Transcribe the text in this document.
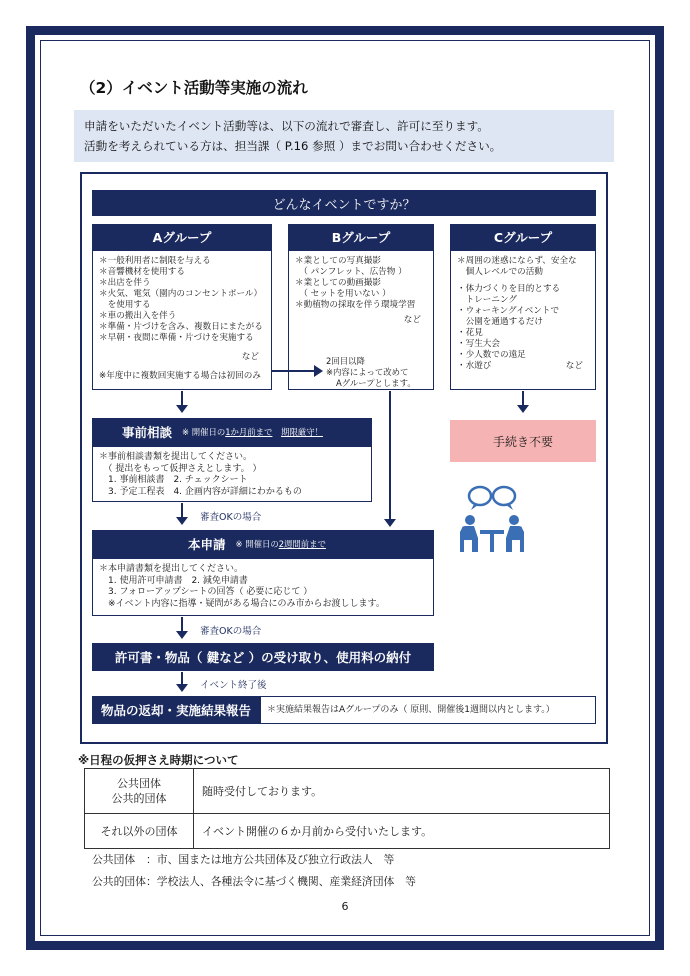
（2）イベント活動等実施の流れ
申請をいただいたイベント活動等は、以下の流れで審査し、許可に至ります。
活動を考えられている方は、担当課（ P.16 参照 ）までお問い合わせください。
どんなイベントですか？
Aグループ
＊一般利用者に制限を与える
＊音響機材を使用する
＊出店を伴う
＊火気、電気（園内のコンセントポール）
　を使用する
＊車の搬出入を伴う
＊準備・片づけを含み、複数日にまたがる
＊早朝・夜間に準備・片づけを実施する
など
※年度中に複数回実施する場合は初回のみ
Bグループ
＊業としての写真撮影
　（ パンフレット、広告物 ）
＊業としての動画撮影
　（ セットを用いない ）
＊動植物の採取を伴う環境学習
など
2回目以降
※内容によって改めて
Aグループとします。
Cグループ
＊周囲の迷惑にならず、安全な
　個人レベルでの活動
・体力づくりを目的とする
　トレーニング
・ウォーキングイベントで
　公園を通過するだけ
・花見
・写生大会
・少人数での遠足
・水遊び	など
手続き不要
事前相談 ※ 開催日の1か月前まで 期限厳守！
＊事前相談書類を提出してください。
　（ 提出をもって仮押さえとします。 ）
　1. 事前相談書　2. チェックシート
　3. 予定工程表　4. 企画内容が詳細にわかるもの
審査OKの場合
本申請 ※ 開催日の2週間前まで
＊本申請書類を提出してください。
　1. 使用許可申請書　2. 減免申請書
　3. フォローアップシートの回答（ 必要に応じて ）
　※イベント内容に指導・疑問がある場合にのみ市からお渡しします。
審査OKの場合
許可書・物品（ 鍵など ）の受け取り、使用料の納付
イベント終了後
物品の返却・実施結果報告	＊実施結果報告はAグループのみ（ 原則、開催後1週間以内とします。）
※日程の仮押さえ時期について
公共団体
公共的団体	随時受付しております。
それ以外の団体	イベント開催の６か月前から受付いたします。
公共団体　：市、国または地方公共団体及び独立行政法人　等
公共的団体：学校法人、各種法令に基づく機関、産業経済団体　等
6
